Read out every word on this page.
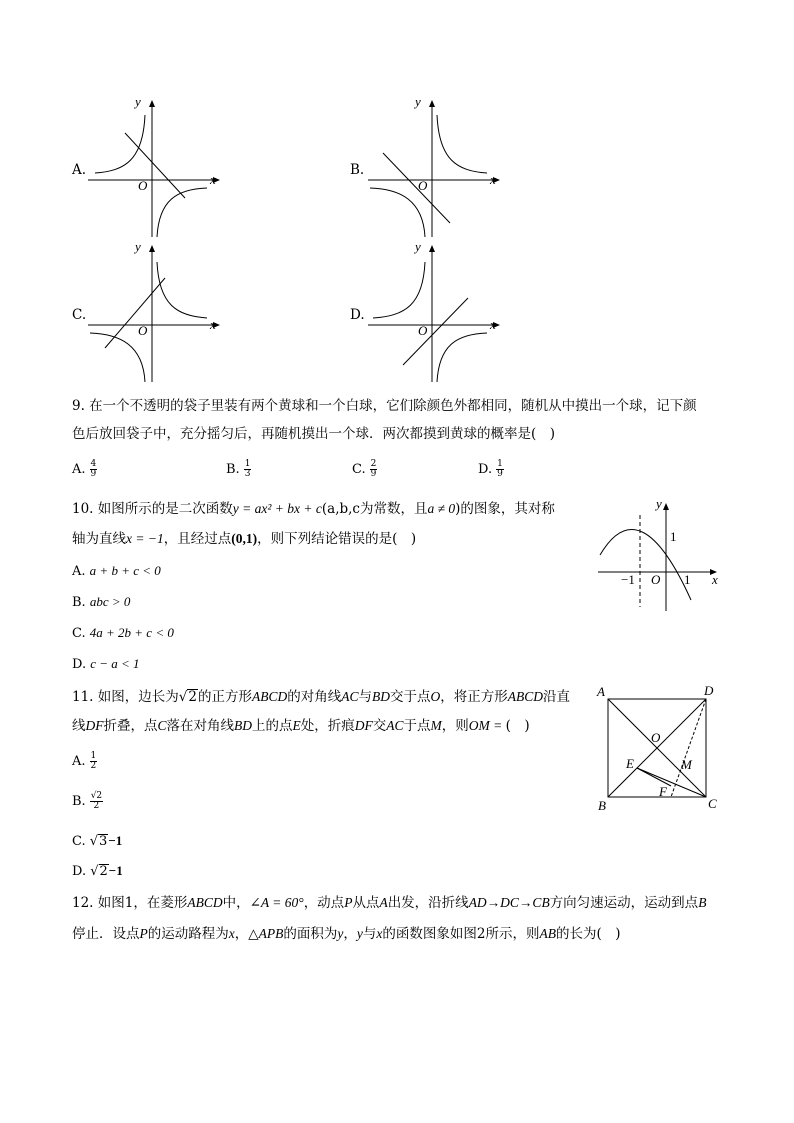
A.
x
y
O
B.
x
y
O
C.
x
y
O
D.
x
y
O
9. 在一个不透明的袋子里装有两个黄球和一个白球，它们除颜色外都相同，随机从中摸出一个球，记下颜
色后放回袋子中，充分摇匀后，再随机摸出一个球．两次都摸到黄球的概率是(　)
A. $\frac{4}{9}$	B. $\frac{1}{3}$	C. $\frac{2}{9}$	D. $\frac{1}{9}$
10. 如图所示的是二次函数y = ax² + bx + c(a,b,c为常数，且a ≠ 0)的图象，其对称
轴为直线x = −1，且经过点(0,1)，则下列结论错误的是(　)
A. a + b + c < 0
B. abc > 0
C. 4a + 2b + c < 0
D. c − a < 1
y
x
O
−1	1
1
11. 如图，边长为√2的正方形ABCD的对角线AC与BD交于点O，将正方形ABCD沿直
线DF折叠，点C落在对角线BD上的点E处，折痕DF交AC于点M，则OM = (　)
A. $\frac{1}{2}$
B. $\frac{√2}{2}$
C. √3−1
D. √2−1
A	D
B	C
O
E
F
M
12. 如图1，在菱形ABCD中，∠A = 60°，动点P从点A出发，沿折线AD→DC→CB方向匀速运动，运动到点B
停止．设点P的运动路程为x，△APB的面积为y，y与x的函数图象如图2所示，则AB的长为(　)
